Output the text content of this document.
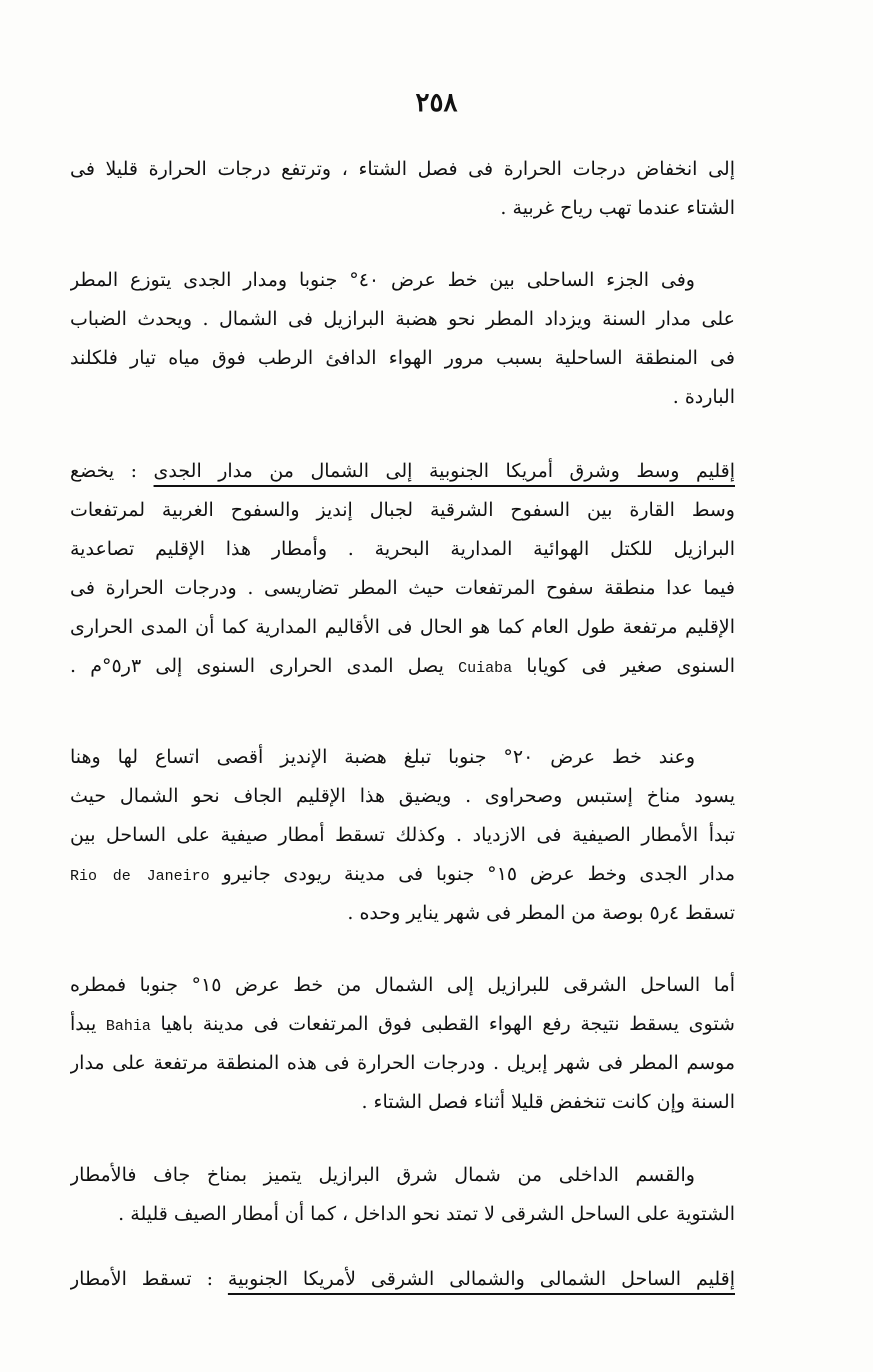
٢٥٨
إلى انخفاض درجات الحرارة فى فصل الشتاء ، وترتفع درجات الحرارة قليلا فى
الشتاء عندما تهب رياح غربية .
وفى الجزء الساحلى بين خط عرض ٤٠° جنوبا ومدار الجدى يتوزع المطر
على مدار السنة ويزداد المطر نحو هضبة البرازيل فى الشمال . ويحدث الضباب
فى المنطقة الساحلية بسبب مرور الهواء الدافئ الرطب فوق مياه تيار فلكلند
الباردة .
إقليم وسط وشرق أمريكا الجنوبية إلى الشمال من مدار الجدى : يخضع
وسط القارة بين السفوح الشرقية لجبال إنديز والسفوح الغربية لمرتفعات
البرازيل للكتل الهوائية المدارية البحرية . وأمطار هذا الإقليم تصاعدية
فيما عدا منطقة سفوح المرتفعات حيث المطر تضاريسى . ودرجات الحرارة فى
الإقليم مرتفعة طول العام كما هو الحال فى الأقاليم المدارية كما أن المدى الحرارى
السنوى صغير فى كويابا Cuiaba يصل المدى الحرارى السنوى إلى ٣ر٥°م .
وعند خط عرض ٢٠° جنوبا تبلغ هضبة الإنديز أقصى اتساع لها وهنا
يسود مناخ إستبس وصحراوى . ويضيق هذا الإقليم الجاف نحو الشمال حيث
تبدأ الأمطار الصيفية فى الازدياد . وكذلك تسقط أمطار صيفية على الساحل بين
مدار الجدى وخط عرض ١٥° جنوبا فى مدينة ريودى جانيرو Rio de Janeiro
تسقط ٤ر٥ بوصة من المطر فى شهر يناير وحده .
أما الساحل الشرقى للبرازيل إلى الشمال من خط عرض ١٥° جنوبا فمطره
شتوى يسقط نتيجة رفع الهواء القطبى فوق المرتفعات فى مدينة باهيا Bahia يبدأ
موسم المطر فى شهر إبريل . ودرجات الحرارة فى هذه المنطقة مرتفعة على مدار
السنة وإن كانت تنخفض قليلا أثناء فصل الشتاء .
والقسم الداخلى من شمال شرق البرازيل يتميز بمناخ جاف فالأمطار
الشتوية على الساحل الشرقى لا تمتد نحو الداخل ، كما أن أمطار الصيف قليلة .
إقليم الساحل الشمالى والشمالى الشرقى لأمريكا الجنوبية : تسقط الأمطار
